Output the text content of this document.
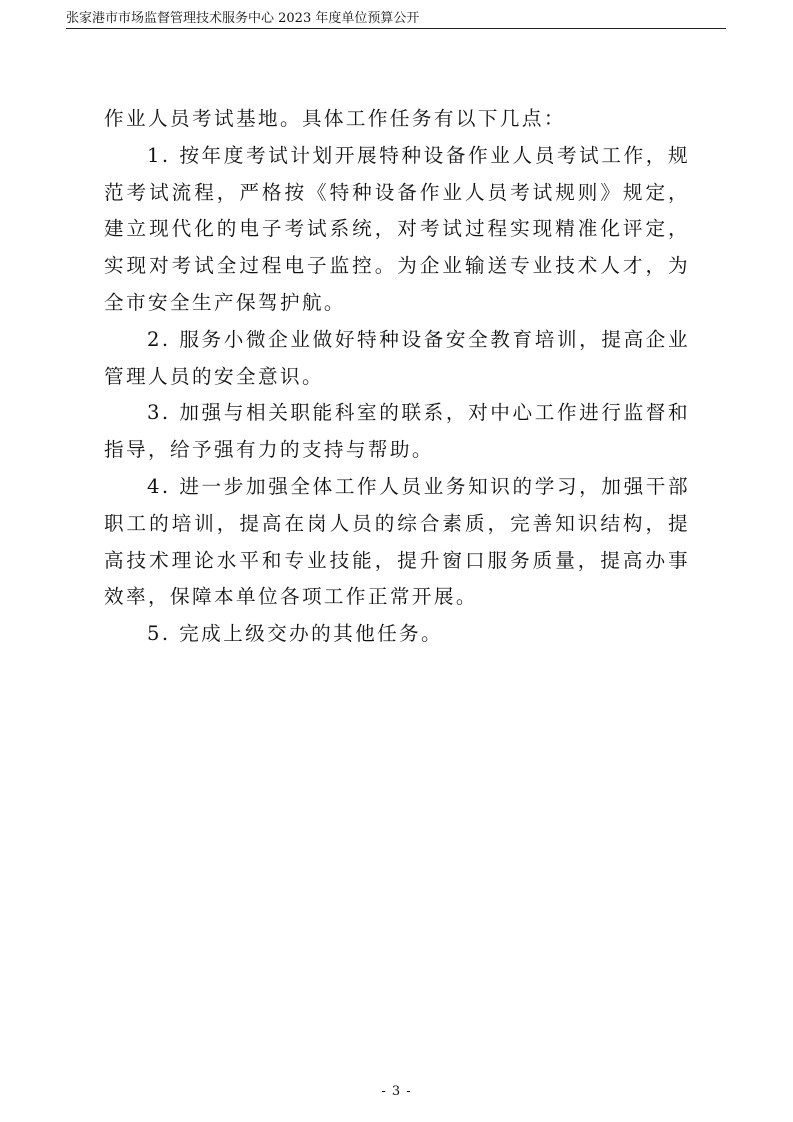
张家港市市场监督管理技术服务中心 2023 年度单位预算公开

作业人员考试基地。具体工作任务有以下几点：

1. 按年度考试计划开展特种设备作业人员考试工作，规范考试流程，严格按《特种设备作业人员考试规则》规定，建立现代化的电子考试系统，对考试过程实现精准化评定，实现对考试全过程电子监控。为企业输送专业技术人才，为全市安全生产保驾护航。

2. 服务小微企业做好特种设备安全教育培训，提高企业管理人员的安全意识。

3. 加强与相关职能科室的联系，对中心工作进行监督和指导，给予强有力的支持与帮助。

4. 进一步加强全体工作人员业务知识的学习，加强干部职工的培训，提高在岗人员的综合素质，完善知识结构，提高技术理论水平和专业技能，提升窗口服务质量，提高办事效率，保障本单位各项工作正常开展。

5. 完成上级交办的其他任务。

- 3 -
